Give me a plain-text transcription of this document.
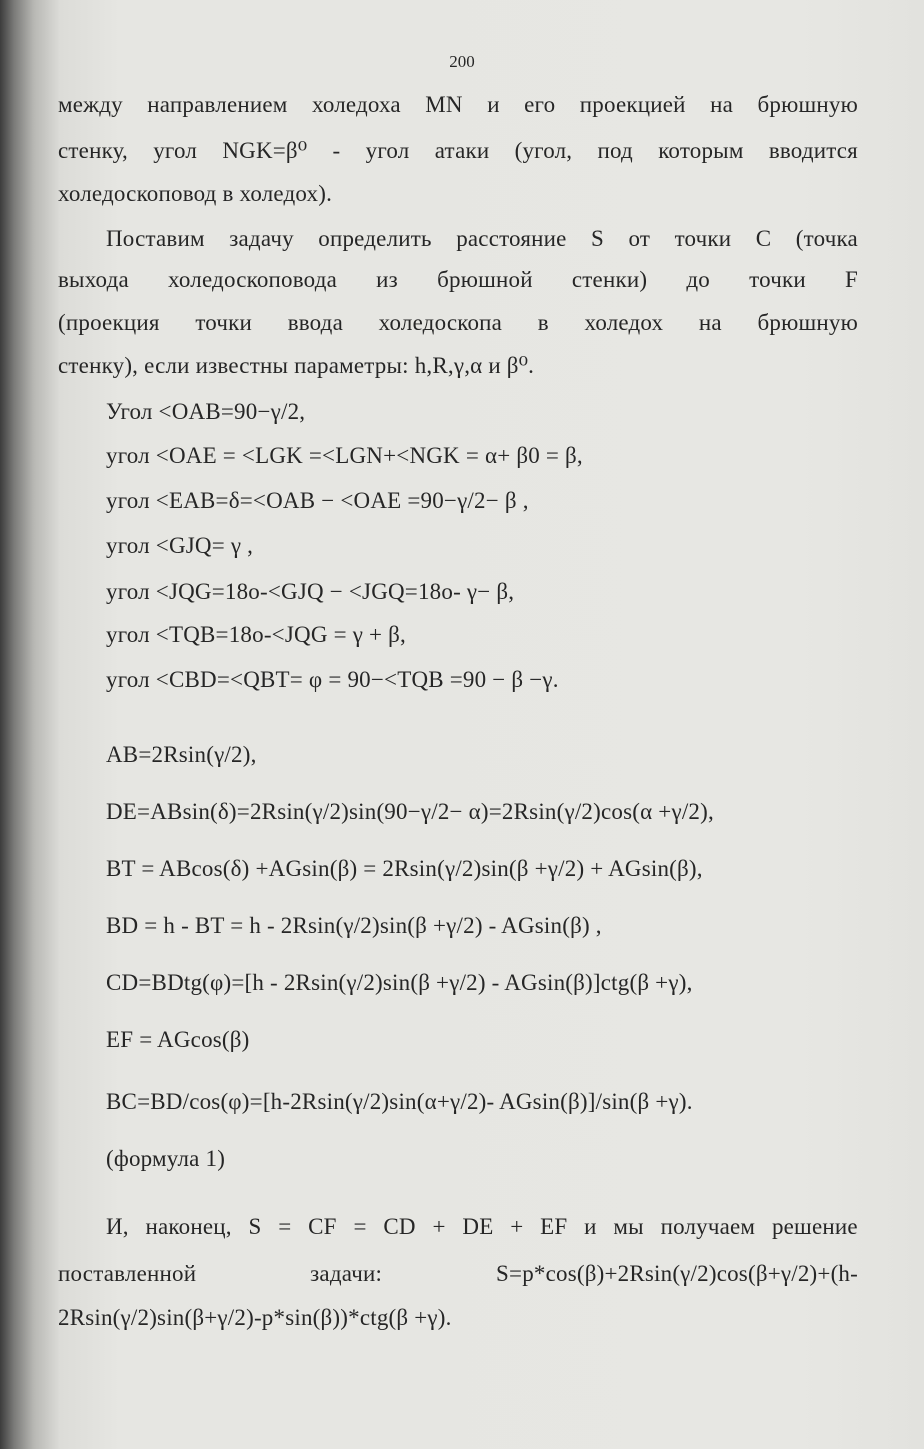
200
между направлением холедоха MN и его проекцией на брюшную
стенку, угол NGK=β⁰ - угол атаки (угол, под которым вводится
холедоскоповод в холедох).
Поставим задачу определить расстояние S от точки C (точка
выхода холедоскоповода из брюшной стенки) до точки F
(проекция точки ввода холедоскопа в холедох на брюшную
стенку), если известны параметры: h,R,γ,α и β⁰.
Угол <OAB=90−γ/2,
угол <OAE = <LGK =<LGN+<NGK = α+ β0 = β,
угол <EAB=δ=<OAB − <OAE =90−γ/2− β ,
угол <GJQ= γ ,
угол <JQG=18o-<GJQ − <JGQ=18o- γ− β,
угол <TQB=18o-<JQG = γ + β,
угол <CBD=<QBT= φ = 90−<TQB =90 − β −γ.
AB=2Rsin(γ/2),
DE=ABsin(δ)=2Rsin(γ/2)sin(90−γ/2− α)=2Rsin(γ/2)cos(α +γ/2),
BT = ABcos(δ) +AGsin(β) = 2Rsin(γ/2)sin(β +γ/2) + AGsin(β),
BD = h - BT = h - 2Rsin(γ/2)sin(β +γ/2) - AGsin(β) ,
CD=BDtg(φ)=[h - 2Rsin(γ/2)sin(β +γ/2) - AGsin(β)]ctg(β +γ),
EF = AGcos(β)
BC=BD/cos(φ)=[h-2Rsin(γ/2)sin(α+γ/2)- AGsin(β)]/sin(β +γ).
(формула 1)
И, наконец, S = CF = CD + DE + EF и мы получаем решение
поставленной	задачи:	S=p*cos(β)+2Rsin(γ/2)cos(β+γ/2)+(h-
2Rsin(γ/2)sin(β+γ/2)-p*sin(β))*ctg(β +γ).
